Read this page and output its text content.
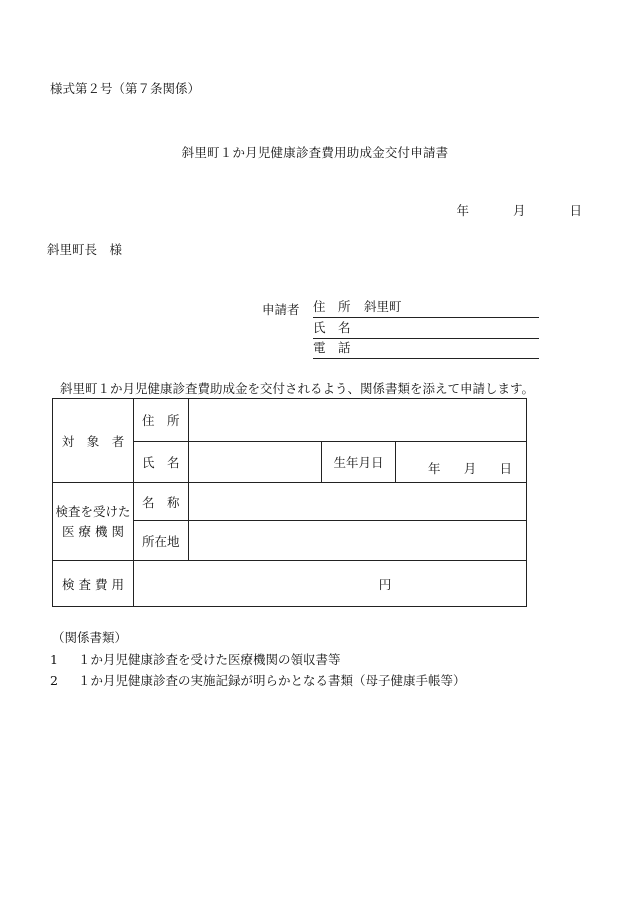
様式第２号（第７条関係）
斜里町１か月児健康診査費用助成金交付申請書
年	月	日
斜里町長　様
申請者 住　所 斜里町
氏　名
電　話
斜里町１か月児健康診査費助成金を交付されるよう、関係書類を添えて申請します。
対　象　者	住　所			
	氏　名		生年月日	年 月 日

検査を受けた
医 療 機 関	名　称			
	所在地			
検 査 費 用	円			
（関係書類）
1 １か月児健康診査を受けた医療機関の領収書等
2 １か月児健康診査の実施記録が明らかとなる書類（母子健康手帳等）
